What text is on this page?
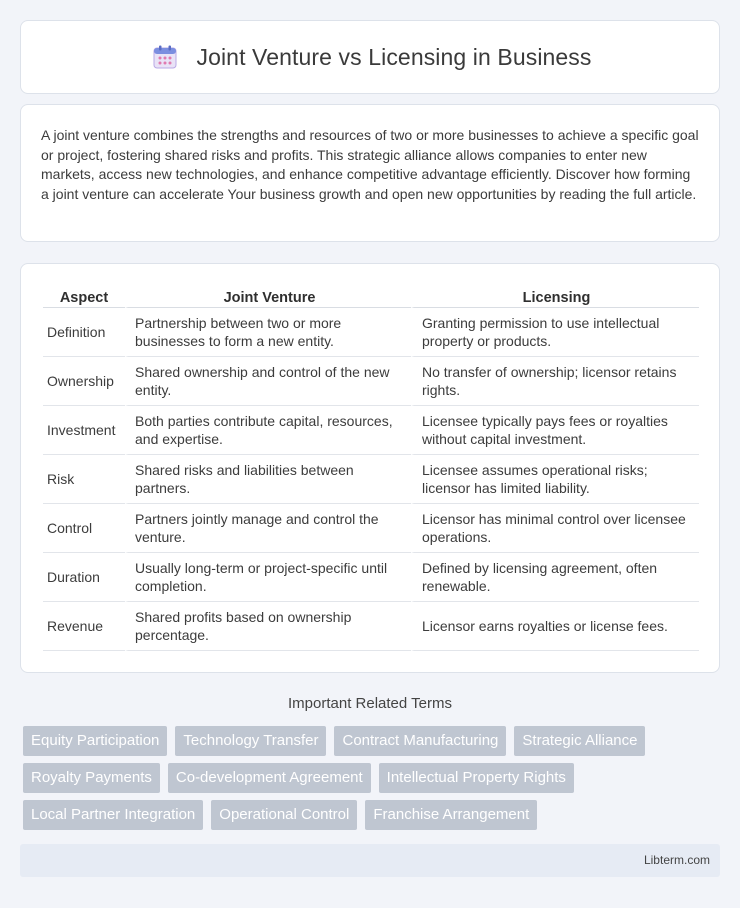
Joint Venture vs Licensing in Business

A joint venture combines the strengths and resources of two or more businesses to achieve a specific goal or project, fostering shared risks and profits. This strategic alliance allows companies to enter new markets, access new technologies, and enhance competitive advantage efficiently. Discover how forming a joint venture can accelerate Your business growth and open new opportunities by reading the full article.

Aspect	Joint Venture	Licensing
Definition	Partnership between two or more businesses to form a new entity.	Granting permission to use intellectual property or products.
Ownership	Shared ownership and control of the new entity.	No transfer of ownership; licensor retains rights.
Investment	Both parties contribute capital, resources, and expertise.	Licensee typically pays fees or royalties without capital investment.
Risk	Shared risks and liabilities between partners.	Licensee assumes operational risks; licensor has limited liability.
Control	Partners jointly manage and control the venture.	Licensor has minimal control over licensee operations.
Duration	Usually long-term or project-specific until completion.	Defined by licensing agreement, often renewable.
Revenue	Shared profits based on ownership percentage.	Licensor earns royalties or license fees.
Important Related Terms
Equity Participation	Technology Transfer	Contract Manufacturing	Strategic Alliance
Royalty Payments	Co-development Agreement	Intellectual Property Rights
Local Partner Integration	Operational Control	Franchise Arrangement
Libterm.com
